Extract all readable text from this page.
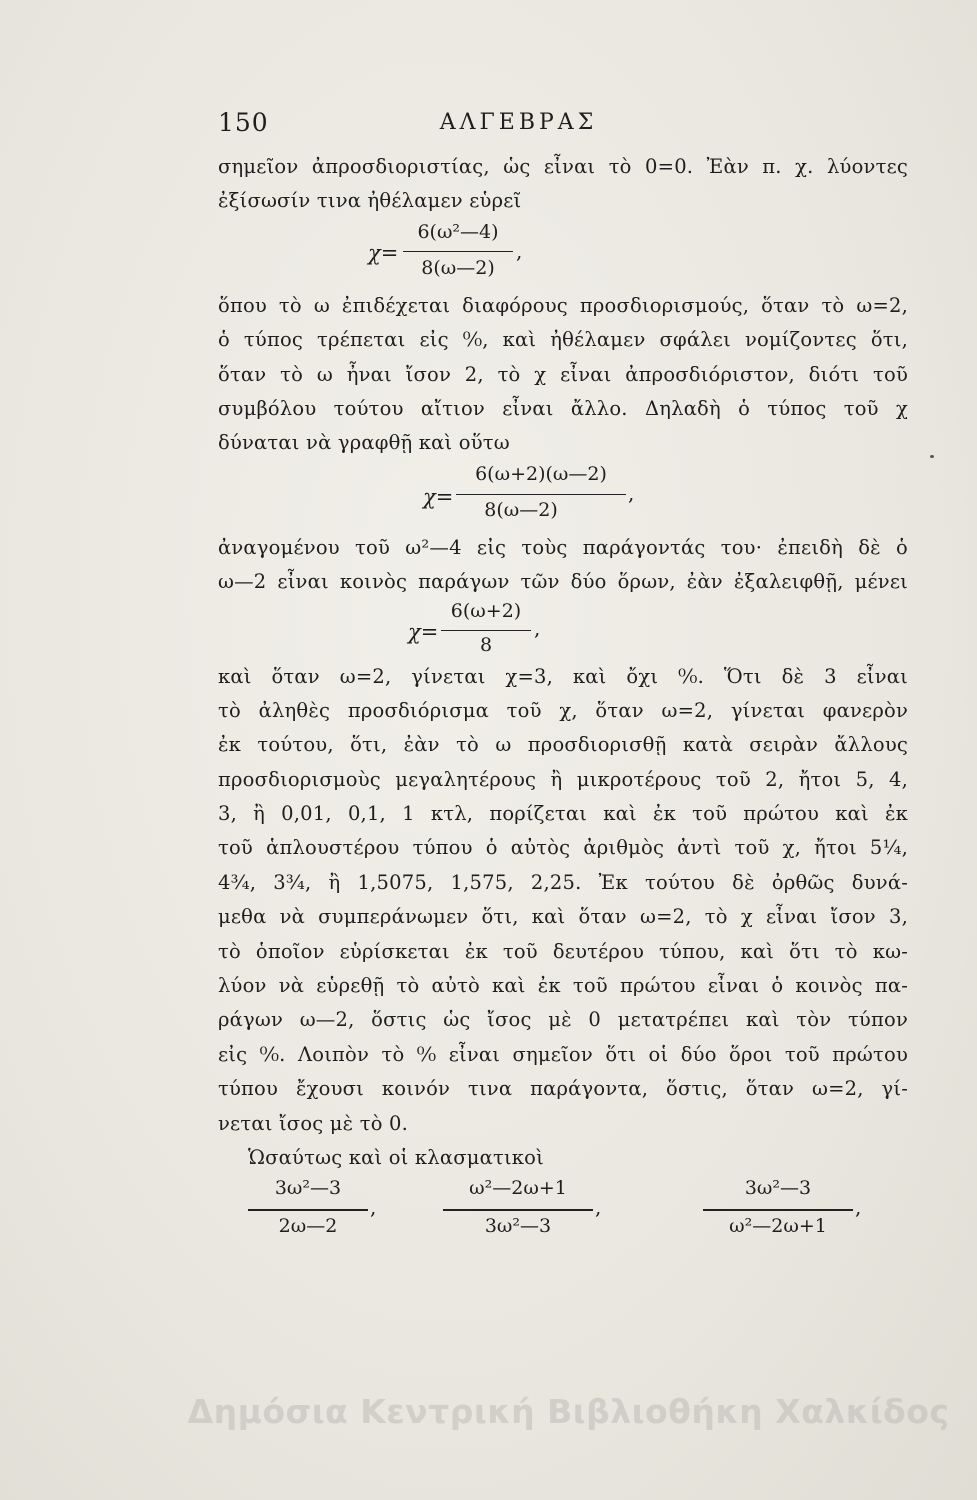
150	ΑΛΓΕΒΡΑΣ
σημεῖον ἀπροσδιοριστίας, ὡς εἶναι τὸ 0=0. Ἐὰν π. χ. λύοντες
ἐξίσωσίν τινα ἠθέλαμεν εὑρεῖ
χ=
6(ω²—4)
8(ω—2)
,
ὅπου τὸ ω ἐπιδέχεται διαφόρους προσδιορισμούς, ὅταν τὸ ω=2,
ὁ τύπος τρέπεται εἰς ⁰⁄₀, καὶ ἠθέλαμεν σφάλει νομίζοντες ὅτι,
ὅταν τὸ ω ἦναι ἴσον 2, τὸ χ εἶναι ἀπροσδιόριστον, διότι τοῦ
συμβόλου τούτου αἴτιον εἶναι ἄλλο. Δηλαδὴ ὁ τύπος τοῦ χ
δύναται νὰ γραφθῇ καὶ οὕτω
χ=
6(ω+2)(ω—2)
8(ω—2)
,
ἀναγομένου τοῦ ω²—4 εἰς τοὺς παράγοντάς του· ἐπειδὴ δὲ ὁ
ω—2 εἶναι κοινὸς παράγων τῶν δύο ὅρων, ἐὰν ἐξαλειφθῇ, μένει
χ=
6(ω+2)
8
,
καὶ ὅταν ω=2, γίνεται χ=3, καὶ ὄχι ⁰⁄₀. Ὅτι δὲ 3 εἶναι
τὸ ἀληθὲς προσδιόρισμα τοῦ χ, ὅταν ω=2, γίνεται φανερὸν
ἐκ τούτου, ὅτι, ἐὰν τὸ ω προσδιορισθῇ κατὰ σειρὰν ἄλλους
προσδιορισμοὺς μεγαλητέρους ἢ μικροτέρους τοῦ 2, ἤτοι 5, 4,
3, ἢ 0,01, 0,1, 1 κτλ, πορίζεται καὶ ἐκ τοῦ πρώτου καὶ ἐκ
τοῦ ἁπλουστέρου τύπου ὁ αὐτὸς ἀριθμὸς ἀντὶ τοῦ χ, ἤτοι 5¼,
4¾, 3¾, ἢ 1,5075, 1,575, 2,25. Ἐκ τούτου δὲ ὀρθῶς δυνά-
μεθα νὰ συμπεράνωμεν ὅτι, καὶ ὅταν ω=2, τὸ χ εἶναι ἴσον 3,
τὸ ὁποῖον εὑρίσκεται ἐκ τοῦ δευτέρου τύπου, καὶ ὅτι τὸ κω-
λύον νὰ εὑρεθῇ τὸ αὐτὸ καὶ ἐκ τοῦ πρώτου εἶναι ὁ κοινὸς πα-
ράγων ω—2, ὅστις ὡς ἴσος μὲ 0 μετατρέπει καὶ τὸν τύπον
εἰς ⁰⁄₀. Λοιπὸν τὸ ⁰⁄₀ εἶναι σημεῖον ὅτι οἱ δύο ὅροι τοῦ πρώτου
τύπου ἔχουσι κοινόν τινα παράγοντα, ὅστις, ὅταν ω=2, γί-
νεται ἴσος μὲ τὸ 0.
Ὡσαύτως καὶ οἱ κλασματικοὶ
3ω²—3
2ω—2
,
ω²—2ω+1
3ω²—3
,
3ω²—3
ω²—2ω+1
,
Δημόσια Κεντρική Βιβλιοθήκη Χαλκίδος
